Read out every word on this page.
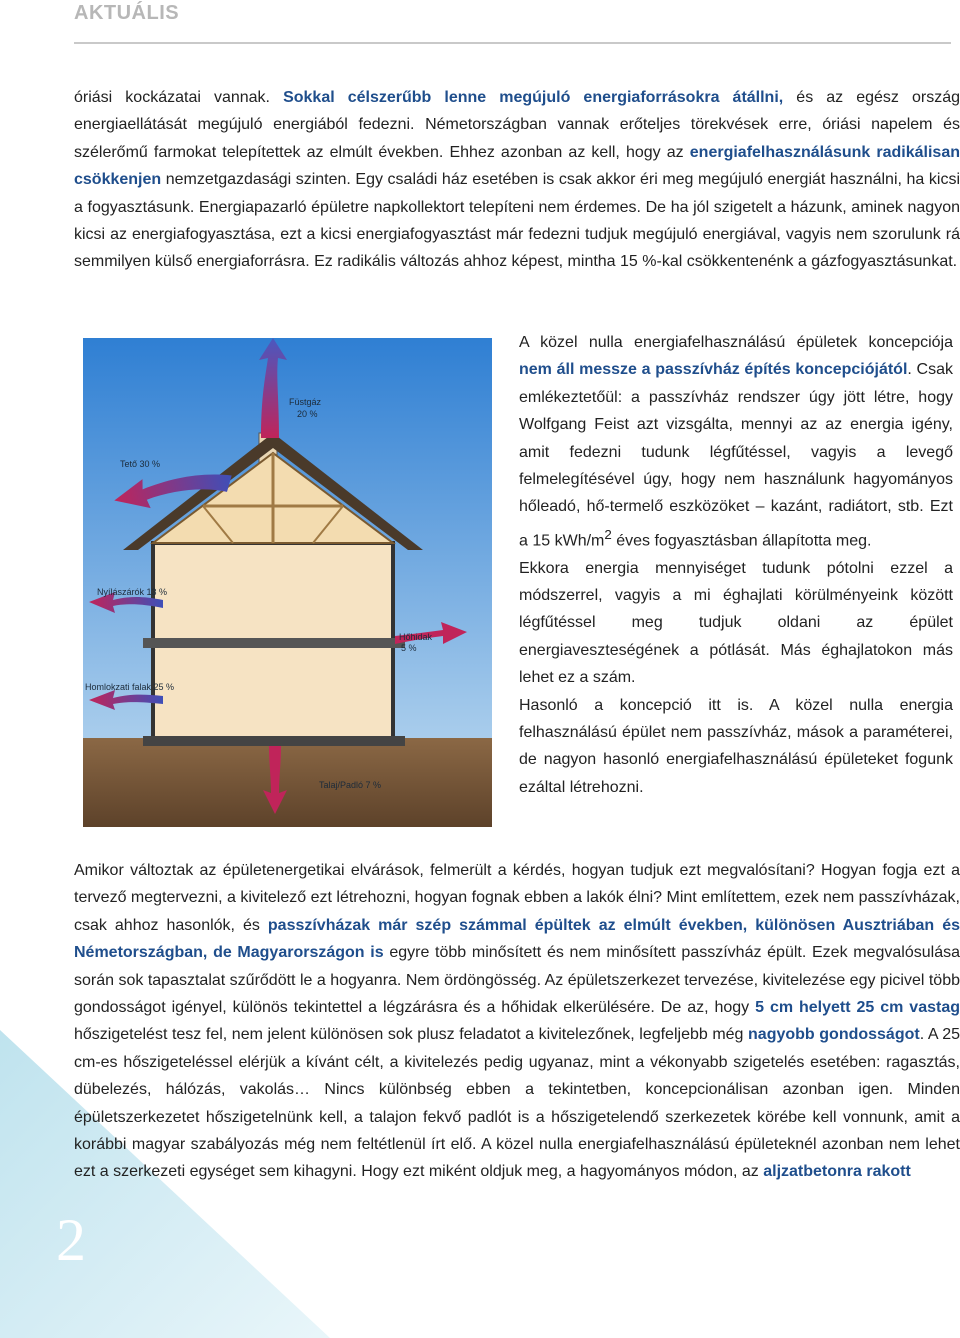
AKTUÁLIS
óriási kockázatai vannak. Sokkal célszerűbb lenne megújuló energiaforrásokra átállni, és az egész ország energiaellátását megújuló energiából fedezni. Németországban vannak erőteljes törekvések erre, óriási napelem és szélerőmű farmokat telepítettek az elmúlt években. Ehhez azonban az kell, hogy az energiafelhasználásunk radikálisan csökkenjen nemzetgazdasági szinten. Egy családi ház esetében is csak akkor éri meg megújuló energiát használni, ha kicsi a fogyasztásunk. Energiapazarló épületre napkollektort telepíteni nem érdemes. De ha jól szigetelt a házunk, aminek nagyon kicsi az energiafogyasztása, ezt a kicsi energiafogyasztást már fedezni tudjuk megújuló energiával, vagyis nem szorulunk rá semmilyen külső energiaforrásra. Ez radikális változás ahhoz képest, mintha 15 %-kal csökkentenénk a gázfogyasztásunkat.
Füstgáz
20 %
Tető 30 %
Nyílászárók 13 %
Hőhidak
5 %
Homlokzati falak 25 %
Talaj/Padló 7 %

A közel nulla energiafelhasználású épületek koncepciója nem áll messze a passzívház építés koncepciójától. Csak emlékeztetőül: a passzívház rendszer úgy jött létre, hogy Wolfgang Feist azt vizsgálta, mennyi az az energia igény, amit fedezni tudunk légfűtéssel, vagyis a levegő felmelegítésével úgy, hogy nem használunk hagyományos hőleadó, hő-termelő eszközöket – kazánt, radiátort, stb. Ezt a 15 kWh/$m^2$ éves fogyasztásban állapította meg.

Ekkora energia mennyiséget tudunk pótolni ezzel a módszerrel, vagyis a mi éghajlati körülményeink között légfűtéssel meg tudjuk oldani az épület energiaveszteségének a pótlását. Más éghajlatokon más lehet ez a szám.

Hasonló a koncepció itt is. A közel nulla energia felhasználású épület nem passzívház, mások a paraméterei, de nagyon hasonló energiafelhasználású épületeket fogunk ezáltal létrehozni.

Amikor változtak az épületenergetikai elvárások, felmerült a kérdés, hogyan tudjuk ezt megvalósítani? Hogyan fogja ezt a tervező megtervezni, a kivitelező ezt létrehozni, hogyan fognak ebben a lakók élni? Mint említettem, ezek nem passzívházak, csak ahhoz hasonlók, és passzívházak már szép számmal épültek az elmúlt években, különösen Ausztriában és Németországban, de Magyarországon is egyre több minősített és nem minősített passzívház épült. Ezek megvalósulása során sok tapasztalat szűrődött le a hogyanra. Nem ördöngösség. Az épületszerkezet tervezése, kivitelezése egy picivel több gondosságot igényel, különös tekintettel a légzárásra és a hőhidak elkerülésére. De az, hogy 5 cm helyett 25 cm vastag hőszigetelést tesz fel, nem jelent különösen sok plusz feladatot a kivitelezőnek, legfeljebb még nagyobb gondosságot. A 25 cm-es hőszigeteléssel elérjük a kívánt célt, a kivitelezés pedig ugyanaz, mint a vékonyabb szigetelés esetében: ragasztás, dübelezés, hálózás, vakolás… Nincs különbség ebben a tekintetben, koncepcionálisan azonban igen. Minden épületszerkezetet hőszigetelnünk kell, a talajon fekvő padlót is a hőszigetelendő szerkezetek körébe kell vonnunk, amit a korábbi magyar szabályozás még nem feltétlenül írt elő. A közel nulla energiafelhasználású épületeknél azonban nem lehet ezt a szerkezeti egységet sem kihagyni. Hogy ezt miként oldjuk meg, a hagyományos módon, az aljzatbetonra rakott
2
